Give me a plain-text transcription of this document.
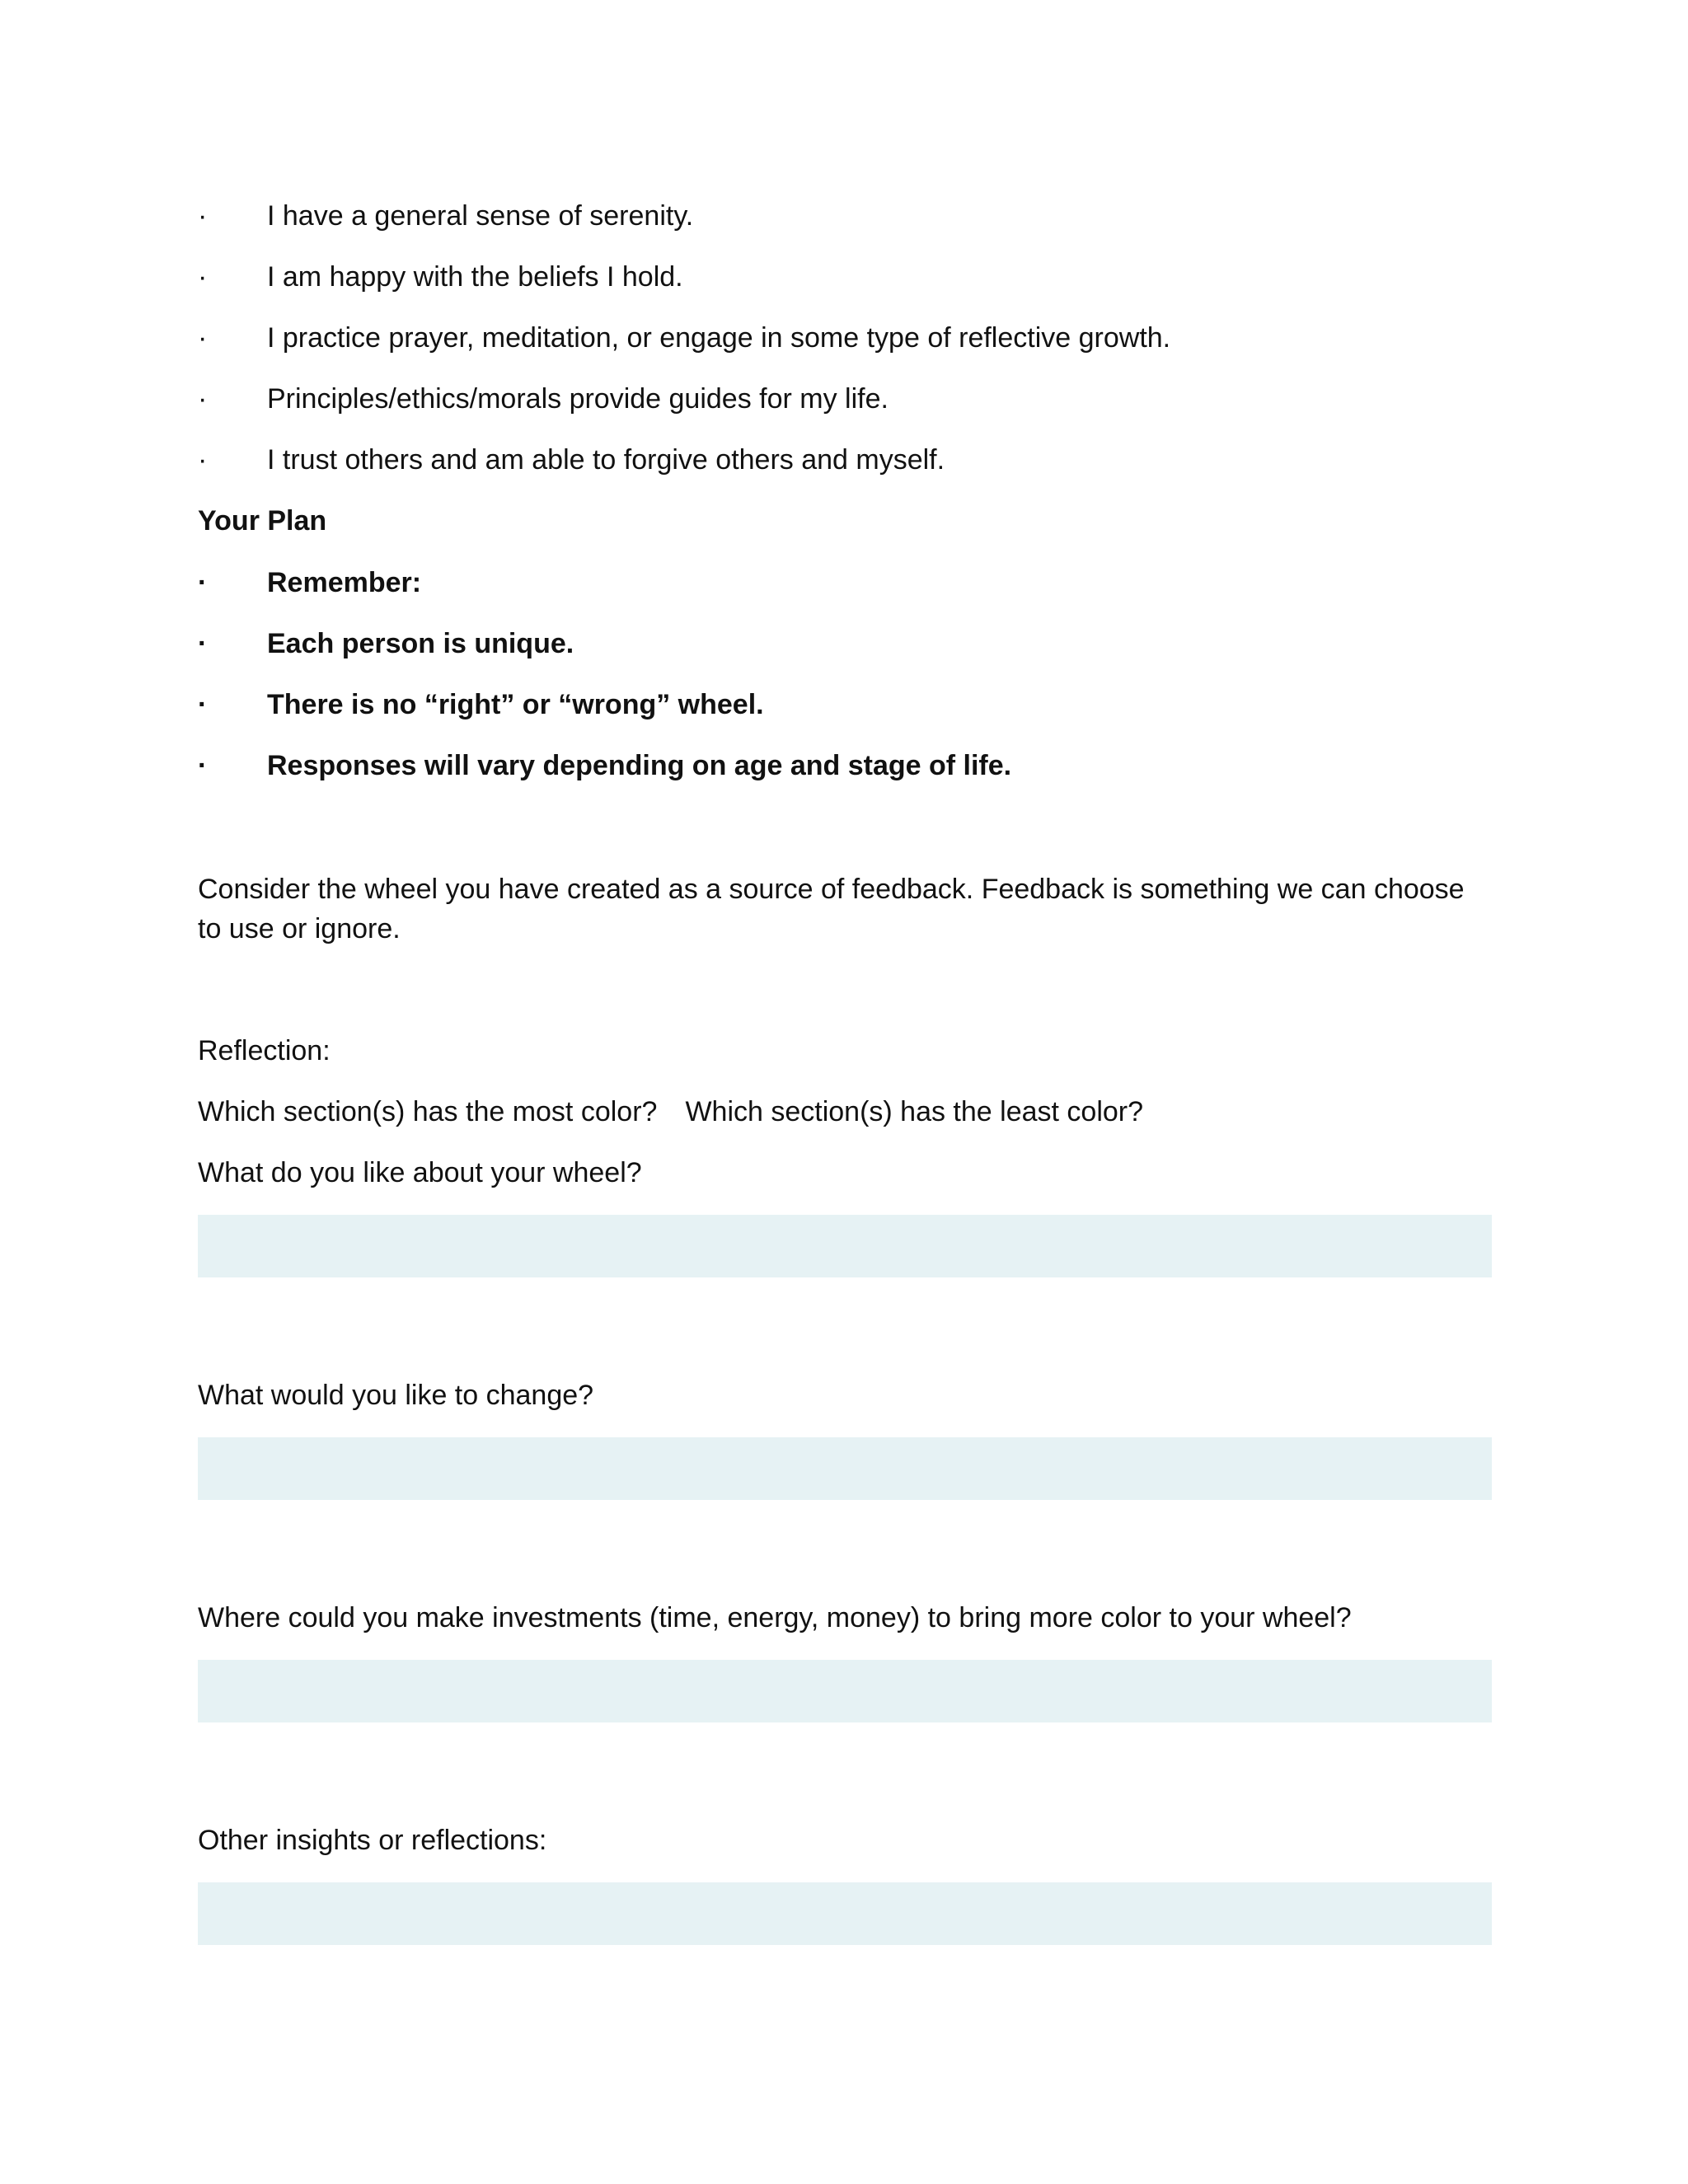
·	I have a general sense of serenity.
·	I am happy with the beliefs I hold.
·	I practice prayer, meditation, or engage in some type of reflective growth.
·	Principles/ethics/morals provide guides for my life.
·	I trust others and am able to forgive others and myself.
Your Plan
·	Remember:
·	Each person is unique.
·	There is no “right” or “wrong” wheel.
·	Responses will vary depending on age and stage of life.
Consider the wheel you have created as a source of feedback. Feedback is something we can choose to use or ignore.
Reflection:
Which section(s) has the most color? Which section(s) has the least color?
What do you like about your wheel?
What would you like to change?
Where could you make investments (time, energy, money) to bring more color to your wheel?
Other insights or reflections:
